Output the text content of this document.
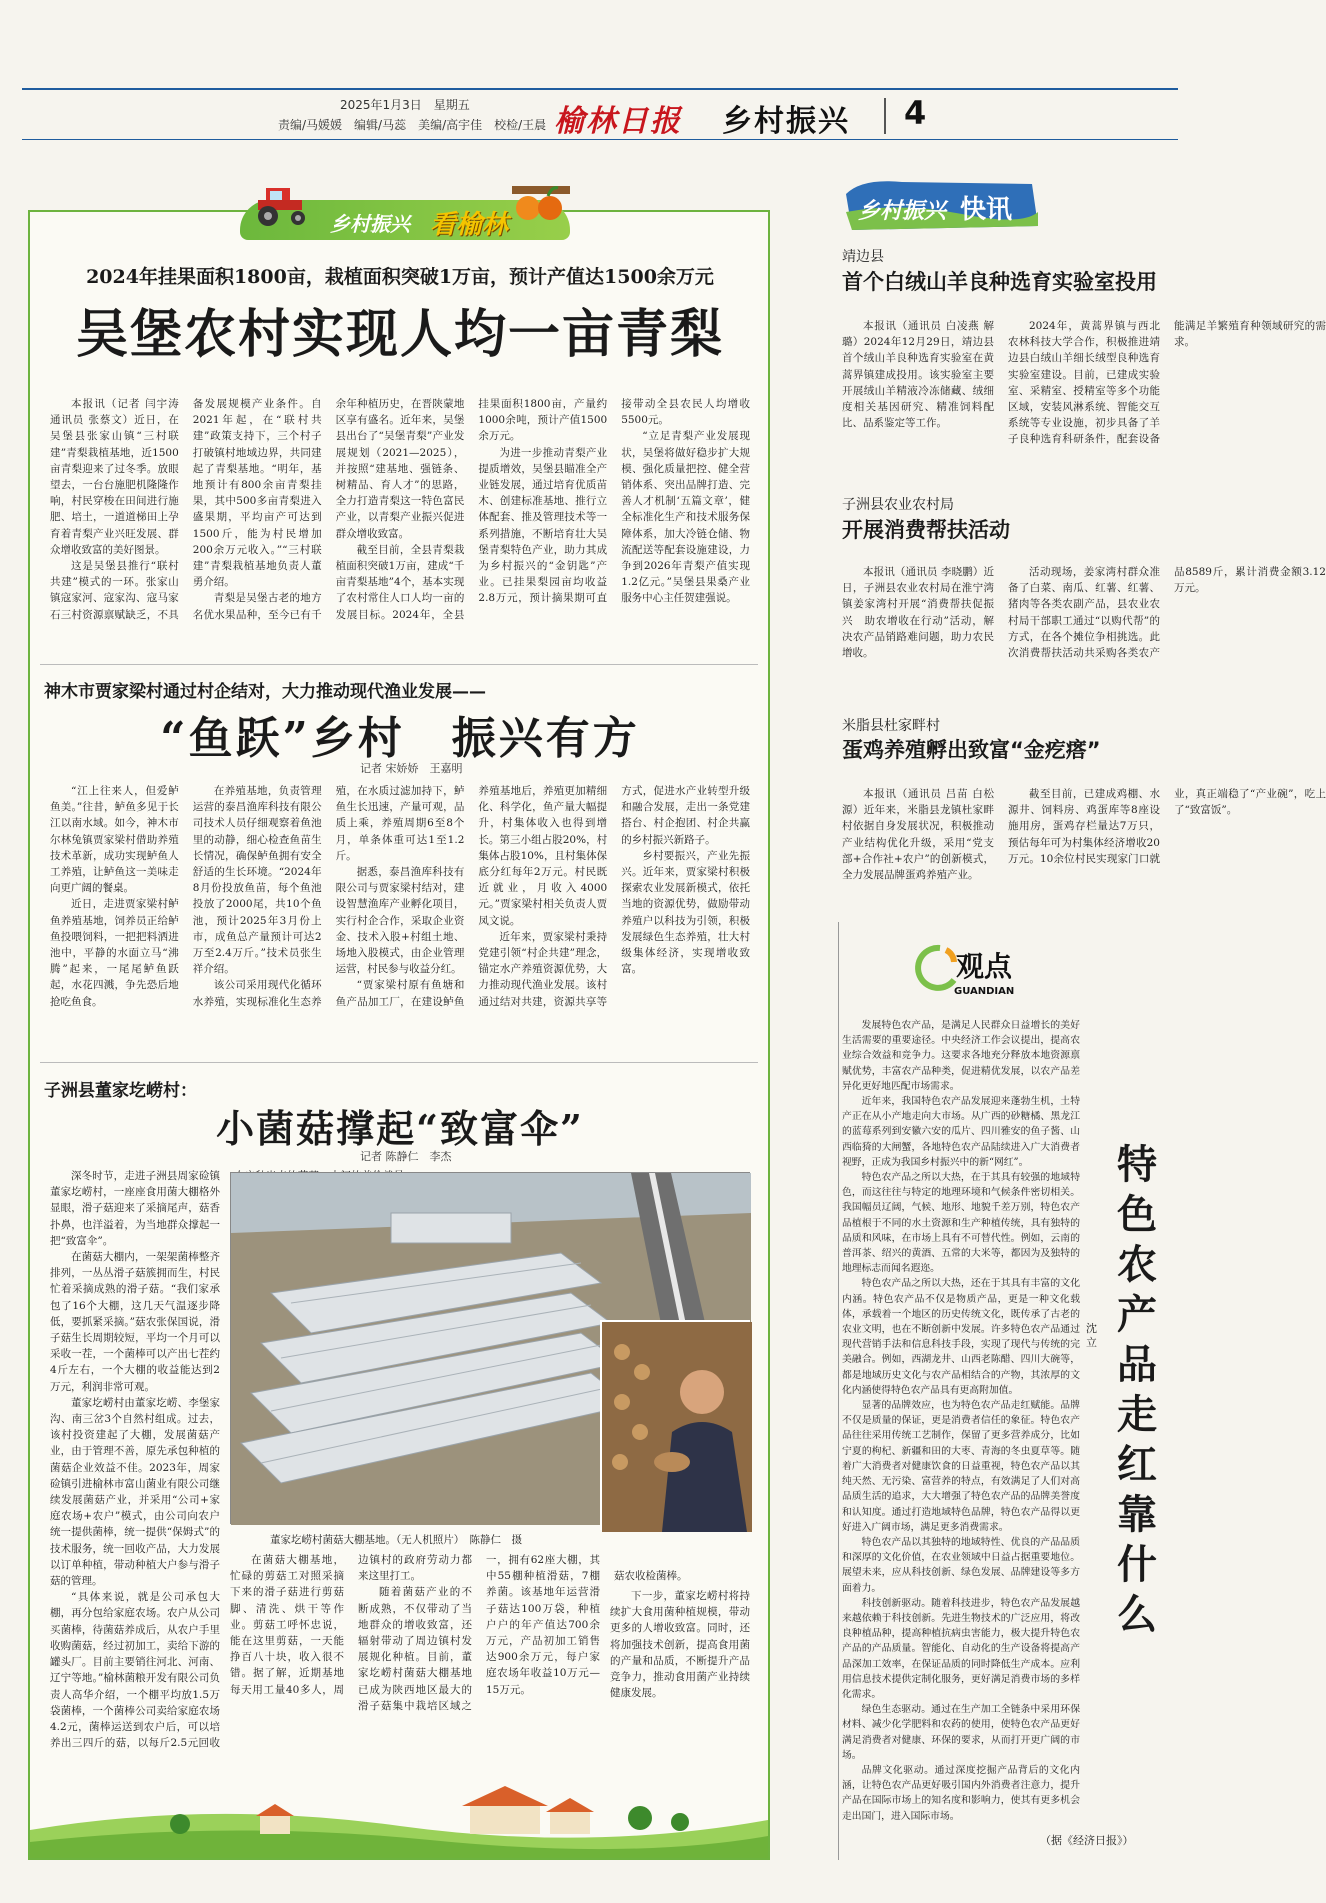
2025年1月3日　星期五
责编/马媛媛　编辑/马蕊　美编/高宇佳　校检/王晨 榆林日报 乡村振兴 4
乡村振兴 看榆林
2024年挂果面积1800亩，栽植面积突破1万亩，预计产值达1500余万元
吴堡农村实现人均一亩青梨

本报讯（记者 闫宇涛 通讯员 张蔡文）近日，在吴堡县张家山镇“三村联建”青梨栽植基地，近1500亩青梨迎来了过冬季。放眼望去，一台台施肥机隆隆作响，村民穿梭在田间进行施肥、培土，一道道梯田上孕育着青梨产业兴旺发展、群众增收致富的美好图景。

这是吴堡县推行“联村共建”模式的一环。张家山镇寇家河、寇家沟、寇马家石三村资源禀赋缺乏，不具备发展规模产业条件。自2021年起，在“联村共建”政策支持下，三个村子打破镇村地域边界，共同建起了青梨基地。“明年，基地预计有800余亩青梨挂果，其中500多亩青梨进入盛果期，平均亩产可达到1500斤，能为村民增加200余万元收入。”“三村联建”青梨栽植基地负责人董勇介绍。

青梨是吴堡古老的地方名优水果品种，至今已有千余年种植历史，在晋陕蒙地区享有盛名。近年来，吴堡县出台了“吴堡青梨”产业发展规划（2021—2025），并按照“建基地、强链条、树精品、育人才”的思路，全力打造青梨这一特色富民产业，以青梨产业振兴促进群众增收致富。

截至目前，全县青梨栽植面积突破1万亩，建成“千亩青梨基地”4个，基本实现了农村常住人口人均一亩的发展目标。2024年，全县挂果面积1800亩，产量约1000余吨，预计产值1500余万元。

为进一步推动青梨产业提质增效，吴堡县瞄准全产业链发展，通过培育优质苗木、创建标准基地、推行立体配套、推及管理技术等一系列措施，不断培育壮大吴堡青梨特色产业，助力其成为乡村振兴的“金钥匙”产业。已挂果梨园亩均收益2.8万元，预计摘果期可直接带动全县农民人均增收5500元。

“立足青梨产业发展现状，吴堡将做好稳步扩大规模、强化质量把控、健全营销体系、突出品牌打造、完善人才机制‘五篇文章’，健全标准化生产和技术服务保障体系，加大冷链仓储、物流配送等配套设施建设，力争到2026年青梨产值实现1.2亿元。”吴堡县果桑产业服务中心主任贺建强说。

神木市贾家梁村通过村企结对，大力推动现代渔业发展——
“鱼跃”乡村　振兴有方
记者 宋娇娇　王嘉明

“江上往来人，但爱鲈鱼美。”往昔，鲈鱼多见于长江以南水域。如今，神木市尔林兔镇贾家梁村借助养殖技术革新，成功实现鲈鱼人工养殖，让鲈鱼这一美味走向更广阔的餐桌。

近日，走进贾家梁村鲈鱼养殖基地，饲养员正给鲈鱼投喂饲料，一把把料洒进池中，平静的水面立马“沸腾”起来，一尾尾鲈鱼跃起，水花四溅，争先恐后地抢吃鱼食。

在养殖基地，负责管理运营的泰昌渔库科技有限公司技术人员仔细观察着鱼池里的动静，细心检查鱼苗生长情况，确保鲈鱼拥有安全舒适的生长环境。“2024年8月份投放鱼苗，每个鱼池投放了2000尾，共10个鱼池，预计2025年3月份上市，成鱼总产量预计可达2万至2.4万斤。”技术员张生祥介绍。

该公司采用现代化循环水养殖，实现标准化生态养殖，在水质过滤加持下，鲈鱼生长迅速，产量可观，品质上乘，养殖周期6至8个月，单条体重可达1至1.2斤。

据悉，泰昌渔库科技有限公司与贾家梁村结对，建设智慧渔库产业孵化项目，实行村企合作，采取企业资金、技术入股+村组土地、场地入股模式，由企业管理运营，村民参与收益分红。

“贾家梁村原有鱼塘和鱼产品加工厂，在建设鲈鱼养殖基地后，养殖更加精细化、科学化，鱼产量大幅提升，村集体收入也得到增长。第三小组占股20%，村集体占股10%，且村集体保底分红每年2万元。村民既近就业，月收入4000元。”贾家梁村相关负责人贾凤文说。

近年来，贾家梁村秉持党建引领“村企共建”理念，锚定水产养殖资源优势，大力推动现代渔业发展。该村通过结对共建，资源共享等方式，促进水产业转型升级和融合发展，走出一条党建搭台、村企抱团、村企共赢的乡村振兴新路子。

乡村要振兴，产业先振兴。近年来，贾家梁村积极探索农业发展新模式，依托当地的资源优势，做励带动养殖户以科技为引领，积极发展绿色生态养殖，壮大村级集体经济，实现增收致富。

子洲县董家圪崂村：
小菌菇撑起“致富伞”
记者 陈静仁　李杰

深冬时节，走进子洲县周家硷镇董家圪崂村，一座座食用菌大棚格外显眼，滑子菇迎来了采摘尾声，菇香扑鼻，也洋溢着，为当地群众撑起一把“致富伞”。

在菌菇大棚内，一架架菌棒整齐排列，一丛丛滑子菇簇拥而生，村民忙着采摘成熟的滑子菇。“我们家承包了16个大棚，这几天气温逐步降低，要抓紧采摘。”菇农张保国说，滑子菇生长周期较短，平均一个月可以采收一茬，一个菌棒可以产出七茬约4斤左右，一个大棚的收益能达到2万元，利润非常可观。

董家圪崂村由董家圪崂、李堡家沟、南三岔3个自然村组成。过去，该村投资建起了大棚，发展菌菇产业，由于管理不善，原先承包种植的菌菇企业效益不佳。2023年，周家硷镇引进榆林市富山菌业有限公司继续发展菌菇产业，并采用“公司+家庭农场+农户”模式，由公司向农户统一提供菌棒，统一提供“保姆式”的技术服务，统一回收产品，大力发展以订单种植，带动种植大户参与滑子菇的管理。

“具体来说，就是公司承包大棚，再分包给家庭农场。农户从公司买菌棒，待菌菇养成后，从农户手里收购菌菇，经过初加工，卖给下游的罐头厂。目前主要销往河北、河南、辽宁等地。”榆林菌粮开发有限公司负责人高华介绍，一个棚平均放1.5万袋菌棒，一个菌棒公司卖给家庭农场4.2元，菌棒运送到农户后，可以培养出三四斤的菇，以每斤2.5元回收

董家圪崂村菌菇大棚基地。（无人机照片）　陈静仁　摄
菇农收检菌棒。

在菌菇大棚基地，忙碌的剪菇工对照采摘下来的滑子菇进行剪菇脚、清洗、烘干等作业。剪菇工呼怀忠说，能在这里剪菇，一天能挣百八十块，收入很不错。据了解，近期基地每天用工量40多人，周边镇村的政府劳动力都来这里打工。

随着菌菇产业的不断成熟，不仅带动了当地群众的增收致富，还辐射带动了周边镇村发展规化种植。目前，董家圪崂村菌菇大棚基地已成为陕西地区最大的滑子菇集中栽培区域之一，拥有62座大棚，其中55棚种植滑菇，7棚养菌。该基地年运营滑子菇达100万袋，种植户户的年产值达700余万元，产品初加工销售达900余万元，每户家庭农场年收益10万元—15万元。

下一步，董家圪崂村将持续扩大食用菌种植规模，带动更多的人增收致富。同时，还将加强技术创新，提高食用菌的产量和品质，不断提升产品竞争力，推动食用菌产业持续健康发展。

乡村振兴 快讯
靖边县
首个白绒山羊良种选育实验室投用

本报讯（通讯员 白凌燕 解璐）2024年12月29日，靖边县首个绒山羊良种选育实验室在黄蒿界镇建成投用。该实验室主要开展绒山羊精液冷冻储藏、绒细度相关基因研究、精准饲料配比、品系鉴定等工作。

2024年，黄蒿界镇与西北农林科技大学合作，积极推进靖边县白绒山羊细长绒型良种选育实验室建设。目前，已建成实验室、采精室、授精室等多个功能区域，安装风淋系统、智能交互系统等专业设施，初步具备了羊子良种选育科研条件，配套设备能满足羊繁殖育种领域研究的需求。

子洲县农业农村局
开展消费帮扶活动

本报讯（通讯员 李晓鹏）近日，子洲县农业农村局在淮宁湾镇姜家湾村开展“消费帮扶促振兴　助农增收在行动”活动，解决农产品销路难问题，助力农民增收。

活动现场，姜家湾村群众准备了白菜、南瓜、红薯、红薯、猪肉等各类农副产品，县农业农村局干部职工通过“以购代帮”的方式，在各个摊位争相挑选。此次消费帮扶活动共采购各类农产品8589斤，累计消费金额3.12万元。

米脂县杜家畔村
蛋鸡养殖孵出致富“金疙瘩”

本报讯（通讯员 吕苗 白松源）近年来，米脂县龙镇杜家畔村依据自身发展状况，积极推动产业结构优化升级，采用“党支部+合作社+农户”的创新模式，全力发展品牌蛋鸡养殖产业。

截至目前，已建成鸡棚、水源井、饲料房、鸡蛋库等8座设施用房，蛋鸡存栏量达7万只，预估每年可为村集体经济增收20万元。10余位村民实现家门口就业，真正端稳了“产业碗”，吃上了“致富饭”。

观点
GUANDIAN

发展特色农产品，是满足人民群众日益增长的美好生活需要的重要途径。中央经济工作会议提出，提高农业综合效益和竞争力。这要求各地充分释放本地资源禀赋优势，丰富农产品种类，促进精优发展，以农产品差异化更好地匹配市场需求。

近年来，我国特色农产品发展迎来蓬勃生机，土特产正在从小产地走向大市场。从广西的砂糖橘、黑龙江的蓝莓系列到安徽六安的瓜片、四川雅安的鱼子酱、山西临猗的大闸蟹，各地特色农产品陆续进入广大消费者视野，正成为我国乡村振兴中的新“网红”。

特色农产品之所以大热，在于其具有较强的地域特色，而这往往与特定的地理环境和气候条件密切相关。我国幅员辽阔，气候、地形、地貌千差万别，特色农产品植根于不同的水土资源和生产种植传统，具有独特的品质和风味，在市场上具有不可替代性。例如，云南的普洱茶、绍兴的黄酒、五常的大米等，都因为及独特的地理标志而闻名遐迩。

特色农产品之所以大热，还在于其具有丰富的文化内涵。特色农产品不仅是物质产品，更是一种文化载体，承载着一个地区的历史传统文化，既传承了古老的农业文明，也在不断创新中发展。许多特色农产品通过现代营销手法和信息科技手段，实现了现代与传统的完美融合。例如，西湖龙井、山西老陈醋、四川大碗等，都是地域历史文化与农产品相结合的产物，其浓厚的文化内涵使得特色农产品具有更高附加值。

显著的品牌效应，也为特色农产品走红赋能。品牌不仅是质量的保证，更是消费者信任的象征。特色农产品往往采用传统工艺制作，保留了更多营养成分，比如宁夏的枸杞、新疆和田的大枣、青海的冬虫夏草等。随着广大消费者对健康饮食的日益重视，特色农产品以其纯天然、无污染、富营养的特点，有效满足了人们对高品质生活的追求，大大增强了特色农产品的品牌美誉度和认知度。通过打造地域特色品牌，特色农产品得以更好进入广阔市场，满足更多消费需求。

特色农产品以其独特的地域特性、优良的产品品质和深厚的文化价值，在农业领域中日益占据重要地位。展望未来，应从科技创新、绿色发展、品牌建设等多方面着力。

科技创新驱动。随着科技进步，特色农产品发展越来越依赖于科技创新。先进生物技术的广泛应用，将改良种植品种，提高种植抗病虫害能力，极大提升特色农产品的产品质量。智能化、自动化的生产设备将提高产品深加工效率，在保证品质的同时降低生产成本。应利用信息技术提供定制化服务，更好满足消费市场的多样化需求。

绿色生态驱动。通过在生产加工全链条中采用环保材料、减少化学肥料和农药的使用，使特色农产品更好满足消费者对健康、环保的要求，从而打开更广阔的市场。

品牌文化驱动。通过深度挖掘产品背后的文化内涵，让特色农产品更好吸引国内外消费者注意力，提升产品在国际市场上的知名度和影响力，使其有更多机会走出国门，进入国际市场。

特色农产品走红靠什么
沈立
（据《经济日报》）
